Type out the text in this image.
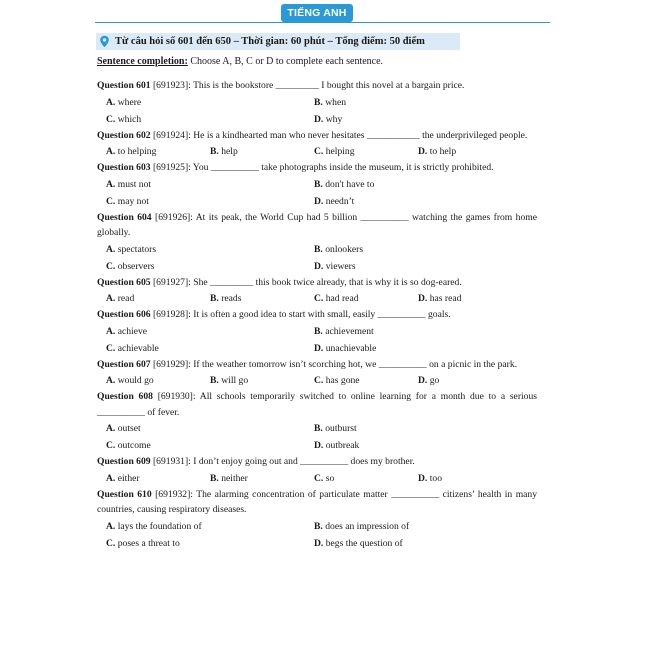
TIẾNG ANH
Từ câu hỏi số 601 đến 650 – Thời gian: 60 phút – Tổng điểm: 50 điểm
Sentence completion: Choose A, B, C or D to complete each sentence.
Question 601 [691923]: This is the bookstore _________ I bought this novel at a bargain price.
A. where	B. when
C. which	D. why
Question 602 [691924]: He is a kindhearted man who never hesitates ___________ the underprivileged people.
A. to helping	B. help	C. helping	D. to help
Question 603 [691925]: You __________ take photographs inside the museum, it is strictly prohibited.
A. must not	B. don't have to
C. may not	D. needn’t
Question 604 [691926]: At its peak, the World Cup had 5 billion __________ watching the games from home globally.
A. spectators	B. onlookers
C. observers	D. viewers
Question 605 [691927]: She _________ this book twice already, that is why it is so dog-eared.
A. read	B. reads	C. had read	D. has read
Question 606 [691928]: It is often a good idea to start with small, easily __________ goals.
A. achieve	B. achievement
C. achievable	D. unachievable
Question 607 [691929]: If the weather tomorrow isn’t scorching hot, we __________ on a picnic in the park.
A. would go	B. will go	C. has gone	D. go
Question 608 [691930]: All schools temporarily switched to online learning for a month due to a serious __________ of fever.
A. outset	B. outburst
C. outcome	D. outbreak
Question 609 [691931]: I don’t enjoy going out and __________ does my brother.
A. either	B. neither	C. so	D. too
Question 610 [691932]: The alarming concentration of particulate matter __________ citizens’ health in many countries, causing respiratory diseases.
A. lays the foundation of	B. does an impression of
C. poses a threat to	D. begs the question of
